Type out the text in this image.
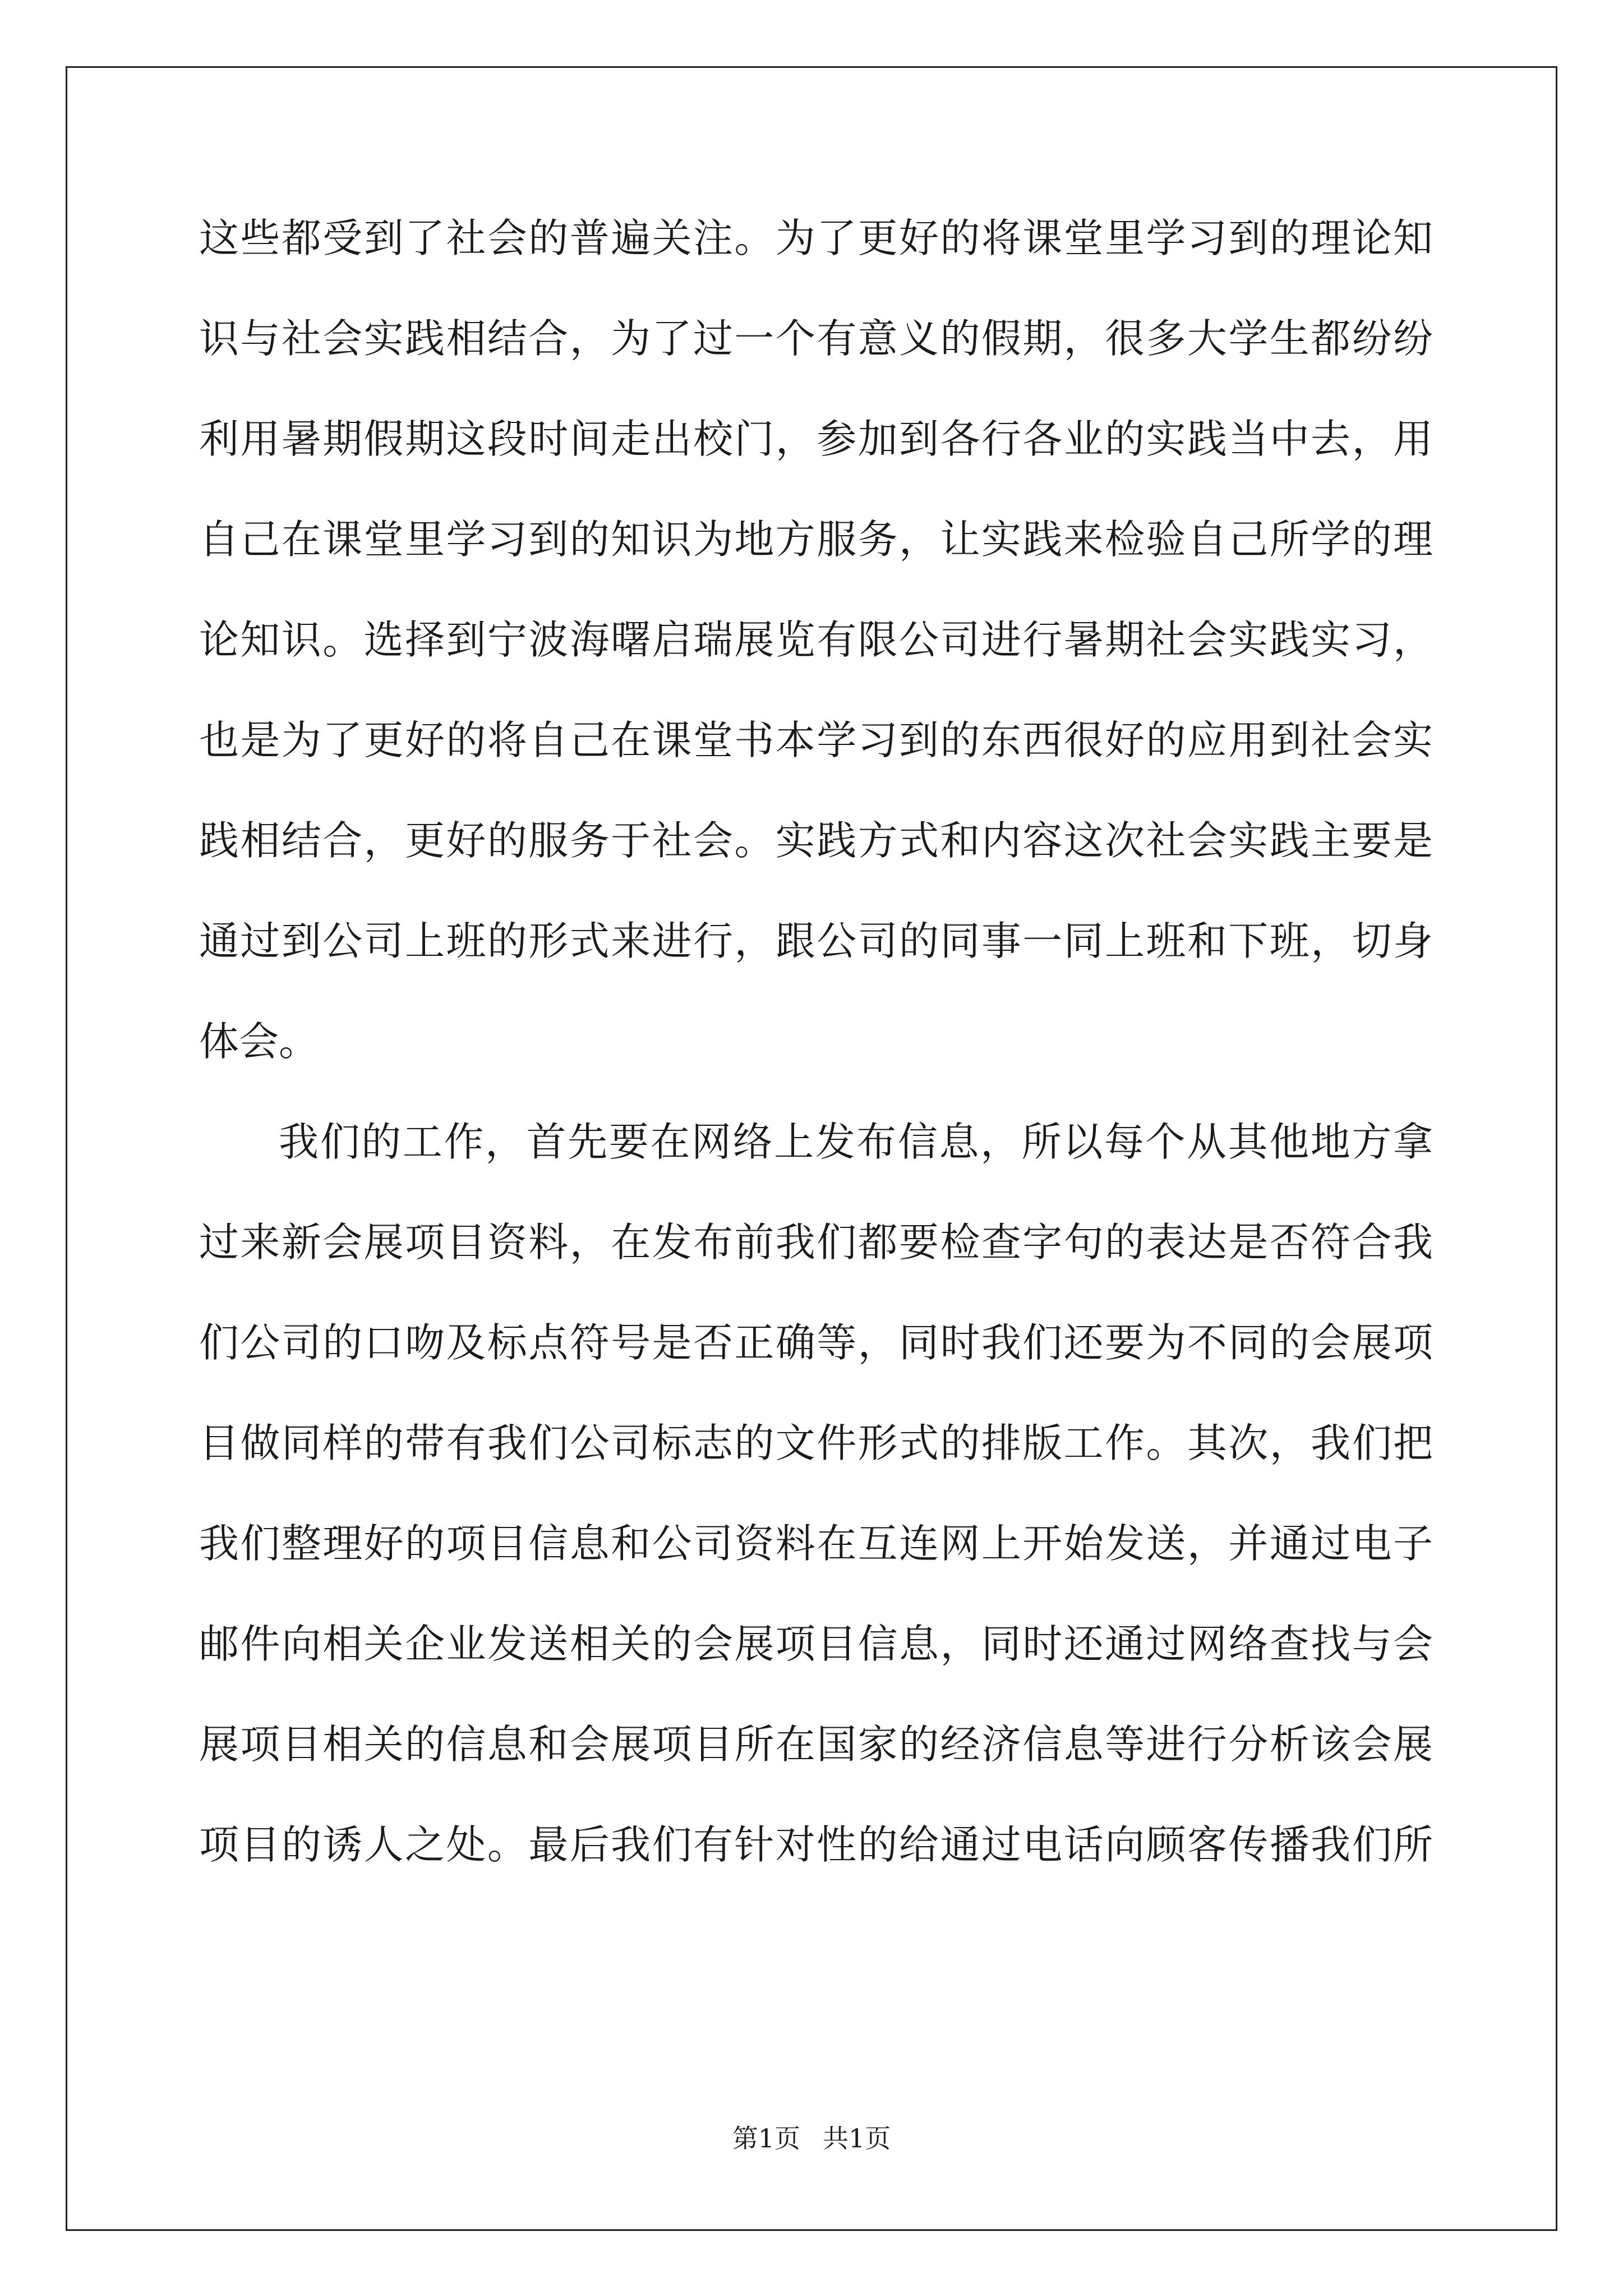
这些都受到了社会的普遍关注。为了更好的将课堂里学习到的理论知
识与社会实践相结合，为了过一个有意义的假期，很多大学生都纷纷
利用暑期假期这段时间走出校门，参加到各行各业的实践当中去，用
自己在课堂里学习到的知识为地方服务，让实践来检验自己所学的理
论知识。选择到宁波海曙启瑞展览有限公司进行暑期社会实践实习，
也是为了更好的将自己在课堂书本学习到的东西很好的应用到社会实
践相结合，更好的服务于社会。实践方式和内容这次社会实践主要是
通过到公司上班的形式来进行，跟公司的同事一同上班和下班，切身
体会。
我们的工作，首先要在网络上发布信息，所以每个从其他地方拿
过来新会展项目资料，在发布前我们都要检查字句的表达是否符合我
们公司的口吻及标点符号是否正确等，同时我们还要为不同的会展项
目做同样的带有我们公司标志的文件形式的排版工作。其次，我们把
我们整理好的项目信息和公司资料在互连网上开始发送，并通过电子
邮件向相关企业发送相关的会展项目信息，同时还通过网络查找与会
展项目相关的信息和会展项目所在国家的经济信息等进行分析该会展
项目的诱人之处。最后我们有针对性的给通过电话向顾客传播我们所
第1页 共1页
